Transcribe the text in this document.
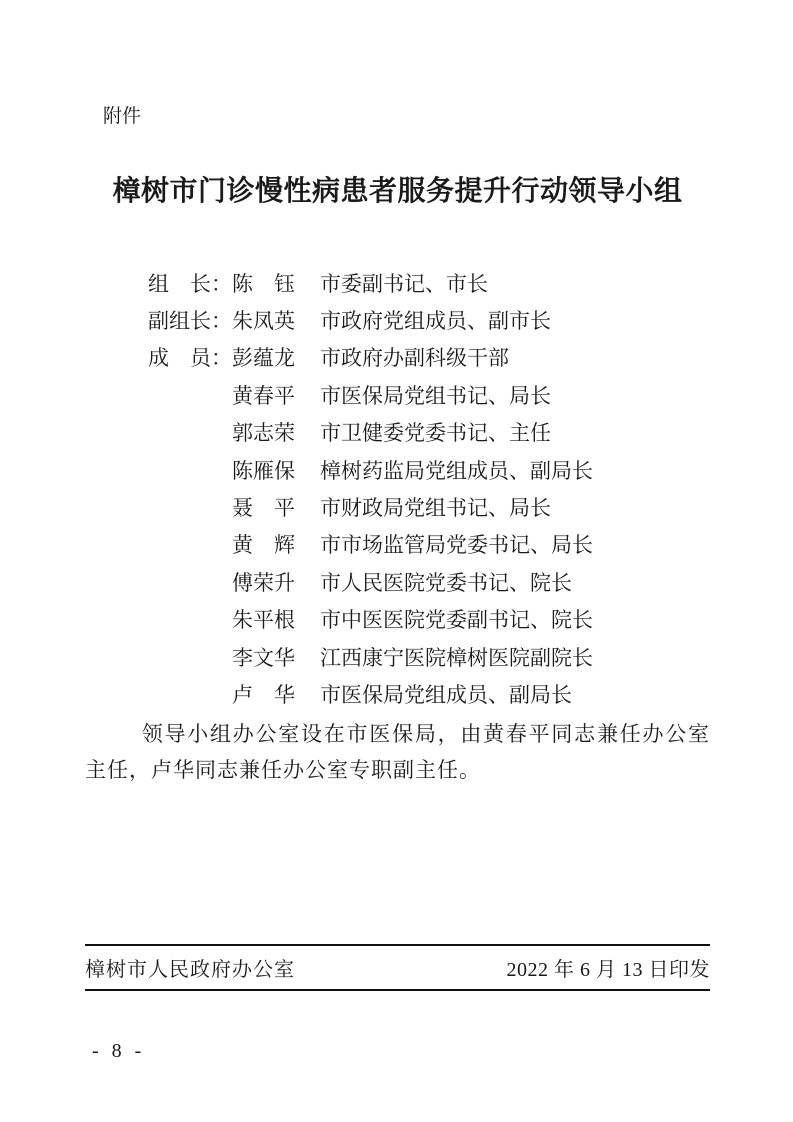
附件
樟树市门诊慢性病患者服务提升行动领导小组
组　长： 陈　钰 市委副书记、市长
副组长： 朱凤英 市政府党组成员、副市长
成　员： 彭蕴龙 市政府办副科级干部
黄春平 市医保局党组书记、局长
郭志荣 市卫健委党委书记、主任
陈雁保 樟树药监局党组成员、副局长
聂　平 市财政局党组书记、局长
黄　辉 市市场监管局党委书记、局长
傅荣升 市人民医院党委书记、院长
朱平根 市中医医院党委副书记、院长
李文华 江西康宁医院樟树医院副院长
卢　华 市医保局党组成员、副局长

领导小组办公室设在市医保局，由黄春平同志兼任办公室主任，卢华同志兼任办公室专职副主任。

樟树市人民政府办公室	2022 年 6 月 13 日印发
- 8 -
